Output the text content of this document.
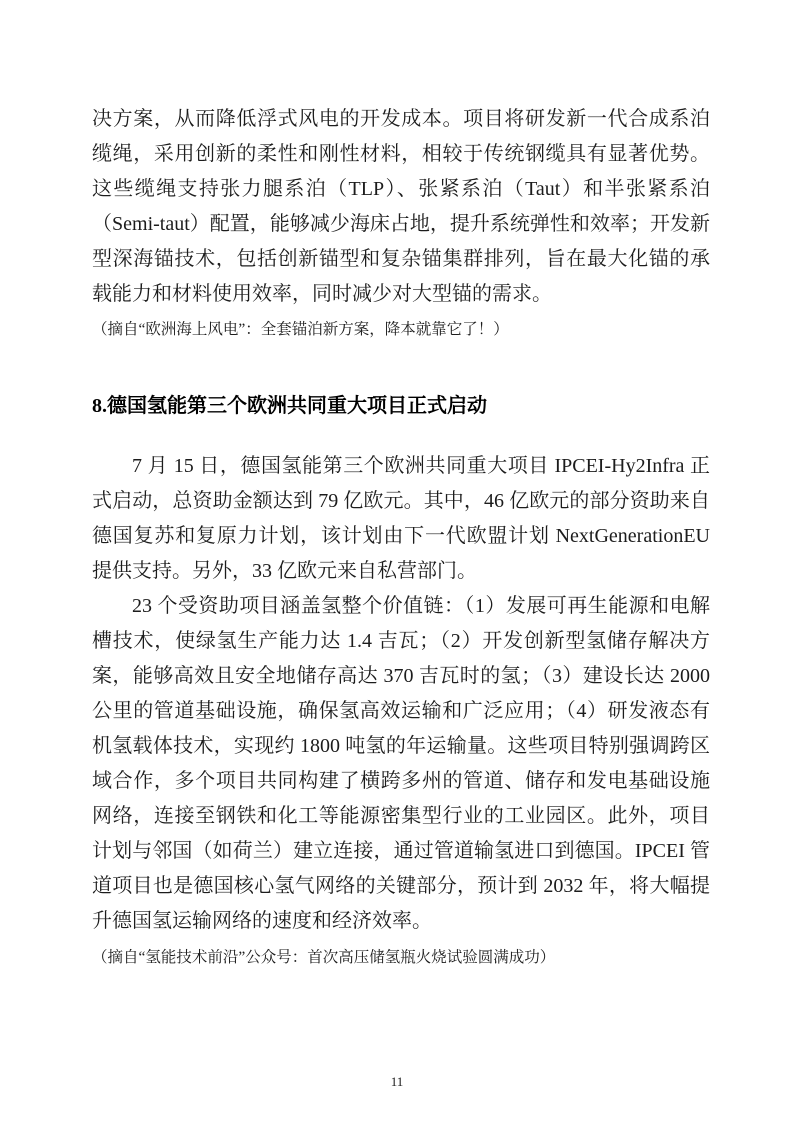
决方案，从而降低浮式风电的开发成本。项目将研发新一代合成系泊缆绳，采用创新的柔性和刚性材料，相较于传统钢缆具有显著优势。这些缆绳支持张力腿系泊（TLP）、张紧系泊（Taut）和半张紧系泊（Semi-taut）配置，能够减少海床占地，提升系统弹性和效率；开发新型深海锚技术，包括创新锚型和复杂锚集群排列，旨在最大化锚的承载能力和材料使用效率，同时减少对大型锚的需求。

（摘自“欧洲海上风电”：全套锚泊新方案，降本就靠它了！）

8.德国氢能第三个欧洲共同重大项目正式启动

7 月 15 日，德国氢能第三个欧洲共同重大项目 IPCEI-Hy2Infra 正式启动，总资助金额达到 79 亿欧元。其中，46 亿欧元的部分资助来自德国复苏和复原力计划，该计划由下一代欧盟计划 NextGenerationEU 提供支持。另外，33 亿欧元来自私营部门。

23 个受资助项目涵盖氢整个价值链：（1）发展可再生能源和电解槽技术，使绿氢生产能力达 1.4 吉瓦；（2）开发创新型氢储存解决方案，能够高效且安全地储存高达 370 吉瓦时的氢；（3）建设长达 2000 公里的管道基础设施，确保氢高效运输和广泛应用；（4）研发液态有机氢载体技术，实现约 1800 吨氢的年运输量。这些项目特别强调跨区域合作，多个项目共同构建了横跨多州的管道、储存和发电基础设施网络，连接至钢铁和化工等能源密集型行业的工业园区。此外，项目计划与邻国（如荷兰）建立连接，通过管道输氢进口到德国。IPCEI 管道项目也是德国核心氢气网络的关键部分，预计到 2032 年，将大幅提升德国氢运输网络的速度和经济效率。

（摘自“氢能技术前沿”公众号：首次高压储氢瓶火烧试验圆满成功）

11
